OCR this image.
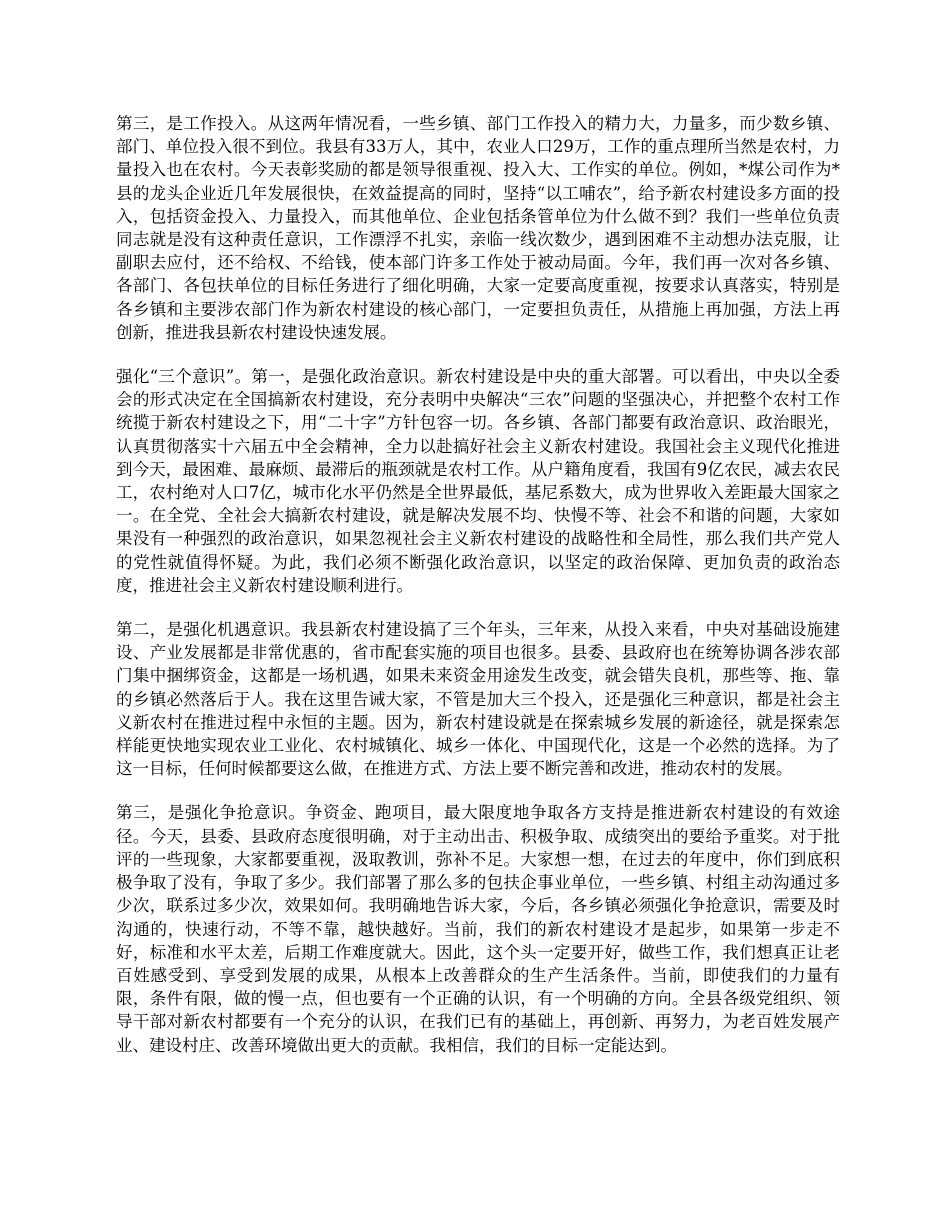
第三，是工作投入。从这两年情况看，一些乡镇、部门工作投入的精力大，力量多，而少数乡镇、部门、单位投入很不到位。我县有33万人，其中，农业人口29万，工作的重点理所当然是农村，力量投入也在农村。今天表彰奖励的都是领导很重视、投入大、工作实的单位。例如，*煤公司作为*县的龙头企业近几年发展很快，在效益提高的同时，坚持“以工哺农”，给予新农村建设多方面的投入，包括资金投入、力量投入，而其他单位、企业包括条管单位为什么做不到？我们一些单位负责同志就是没有这种责任意识，工作漂浮不扎实，亲临一线次数少，遇到困难不主动想办法克服，让副职去应付，还不给权、不给钱，使本部门许多工作处于被动局面。今年，我们再一次对各乡镇、各部门、各包扶单位的目标任务进行了细化明确，大家一定要高度重视，按要求认真落实，特别是各乡镇和主要涉农部门作为新农村建设的核心部门，一定要担负责任，从措施上再加强，方法上再创新，推进我县新农村建设快速发展。

强化“三个意识”。第一，是强化政治意识。新农村建设是中央的重大部署。可以看出，中央以全委会的形式决定在全国搞新农村建设，充分表明中央解决“三农”问题的坚强决心，并把整个农村工作统揽于新农村建设之下，用“二十字”方针包容一切。各乡镇、各部门都要有政治意识、政治眼光，认真贯彻落实十六届五中全会精神，全力以赴搞好社会主义新农村建设。我国社会主义现代化推进到今天，最困难、最麻烦、最滞后的瓶颈就是农村工作。从户籍角度看，我国有9亿农民，减去农民工，农村绝对人口7亿，城市化水平仍然是全世界最低，基尼系数大，成为世界收入差距最大国家之一。在全党、全社会大搞新农村建设，就是解决发展不均、快慢不等、社会不和谐的问题，大家如果没有一种强烈的政治意识，如果忽视社会主义新农村建设的战略性和全局性，那么我们共产党人的党性就值得怀疑。为此，我们必须不断强化政治意识，以坚定的政治保障、更加负责的政治态度，推进社会主义新农村建设顺利进行。

第二，是强化机遇意识。我县新农村建设搞了三个年头，三年来，从投入来看，中央对基础设施建设、产业发展都是非常优惠的，省市配套实施的项目也很多。县委、县政府也在统筹协调各涉农部门集中捆绑资金，这都是一场机遇，如果未来资金用途发生改变，就会错失良机，那些等、拖、靠的乡镇必然落后于人。我在这里告诫大家，不管是加大三个投入，还是强化三种意识，都是社会主义新农村在推进过程中永恒的主题。因为，新农村建设就是在探索城乡发展的新途径，就是探索怎样能更快地实现农业工业化、农村城镇化、城乡一体化、中国现代化，这是一个必然的选择。为了这一目标，任何时候都要这么做，在推进方式、方法上要不断完善和改进，推动农村的发展。

第三，是强化争抢意识。争资金、跑项目，最大限度地争取各方支持是推进新农村建设的有效途径。今天，县委、县政府态度很明确，对于主动出击、积极争取、成绩突出的要给予重奖。对于批评的一些现象，大家都要重视，汲取教训，弥补不足。大家想一想，在过去的年度中，你们到底积极争取了没有，争取了多少。我们部署了那么多的包扶企事业单位，一些乡镇、村组主动沟通过多少次，联系过多少次，效果如何。我明确地告诉大家，今后，各乡镇必须强化争抢意识，需要及时沟通的，快速行动，不等不靠，越快越好。当前，我们的新农村建设才是起步，如果第一步走不好，标准和水平太差，后期工作难度就大。因此，这个头一定要开好，做些工作，我们想真正让老百姓感受到、享受到发展的成果，从根本上改善群众的生产生活条件。当前，即使我们的力量有限，条件有限，做的慢一点，但也要有一个正确的认识，有一个明确的方向。全县各级党组织、领导干部对新农村都要有一个充分的认识，在我们已有的基础上，再创新、再努力，为老百姓发展产业、建设村庄、改善环境做出更大的贡献。我相信，我们的目标一定能达到。
